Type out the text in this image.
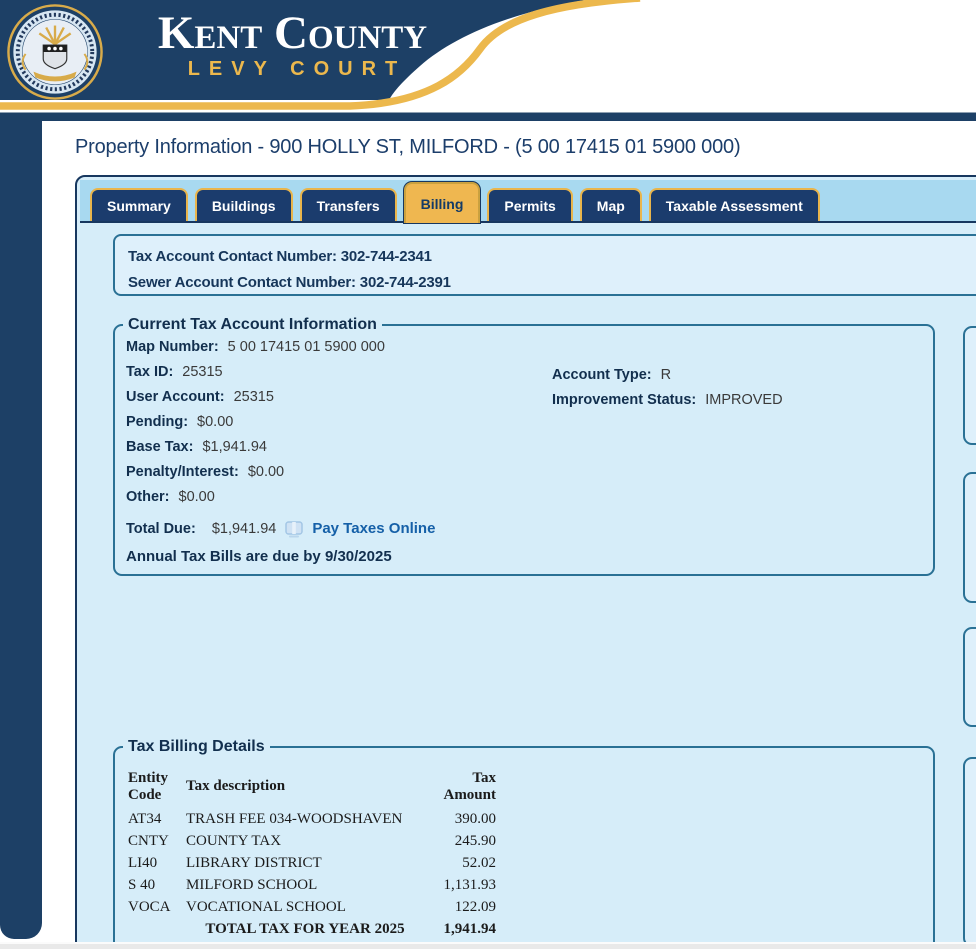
Kent County
LEVY COURT
Property Information - 900 HOLLY ST, MILFORD - (5 00 17415 01 5900 000)
Summary	Buildings	Transfers	Billing	Permits	Map	Taxable Assessment
Tax Account Contact Number: 302-744-2341
Sewer Account Contact Number: 302-744-2391
Current Tax Account Information
Map Number: 5 00 17415 01 5900 000
Tax ID: 25315
User Account: 25315
Pending: $0.00
Base Tax: $1,941.94
Penalty/Interest: $0.00
Other: $0.00
Total Due: $1,941.94 Pay Taxes Online
Annual Tax Bills are due by 9/30/2025
Account Type: R
Improvement Status: IMPROVED
Tax Billing Details
Entity Code	Tax description	Tax Amount
AT34	TRASH FEE 034-WOODSHAVEN	390.00
CNTY	COUNTY TAX	245.90
LI40	LIBRARY DISTRICT	52.02
S 40	MILFORD SCHOOL	1,131.93
VOCA	VOCATIONAL SCHOOL	122.09
	TOTAL TAX FOR YEAR 2025	1,941.94
